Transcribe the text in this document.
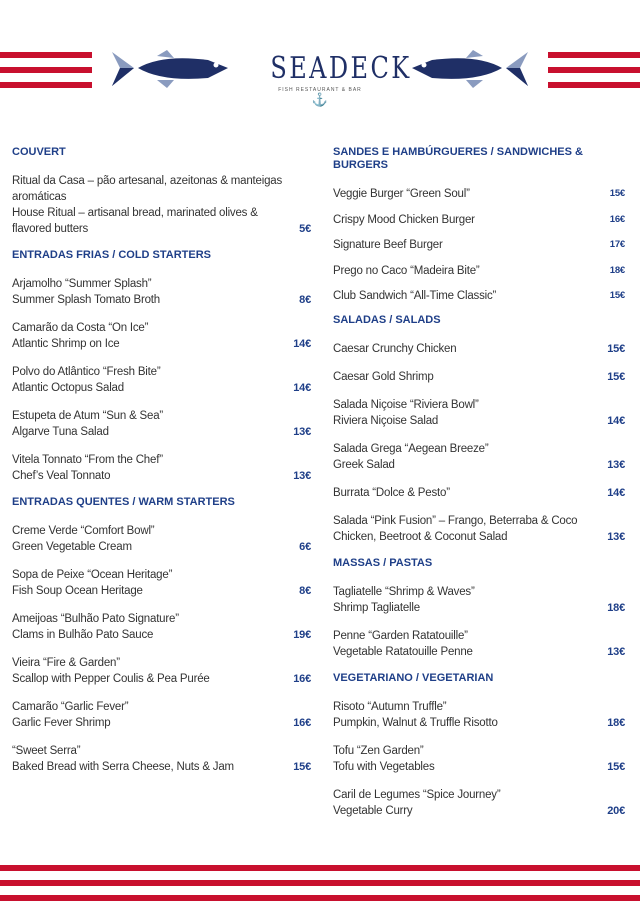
SEADECK
FISH RESTAURANT & BAR
⚓
COUVERT
Ritual da Casa – pão artesanal, azeitonas & manteigas aromáticas
House Ritual – artisanal bread, marinated olives & flavored butters	5€
ENTRADAS FRIAS / COLD STARTERS
Arjamolho “Summer Splash”
Summer Splash Tomato Broth	8€
Camarão da Costa “On Ice”
Atlantic Shrimp on Ice	14€
Polvo do Atlântico “Fresh Bite”
Atlantic Octopus Salad	14€
Estupeta de Atum “Sun & Sea”
Algarve Tuna Salad	13€
Vitela Tonnato “From the Chef”
Chef’s Veal Tonnato	13€
ENTRADAS QUENTES / WARM STARTERS
Creme Verde “Comfort Bowl”
Green Vegetable Cream	6€
Sopa de Peixe “Ocean Heritage”
Fish Soup Ocean Heritage	8€
Ameijoas “Bulhão Pato Signature”
Clams in Bulhão Pato Sauce	19€
Vieira “Fire & Garden”
Scallop with Pepper Coulis & Pea Purée	16€
Camarão “Garlic Fever”
Garlic Fever Shrimp	16€
“Sweet Serra”
Baked Bread with Serra Cheese, Nuts & Jam	15€
SANDES E HAMBÚRGUERES / SANDWICHES & BURGERS
Veggie Burger “Green Soul”	15€
Crispy Mood Chicken Burger	16€
Signature Beef Burger	17€
Prego no Caco “Madeira Bite”	18€
Club Sandwich “All-Time Classic”	15€
SALADAS / SALADS
Caesar Crunchy Chicken	15€
Caesar Gold Shrimp	15€
Salada Niçoise “Riviera Bowl”
Riviera Niçoise Salad	14€
Salada Grega “Aegean Breeze”
Greek Salad	13€
Burrata “Dolce & Pesto”	14€
Salada “Pink Fusion” – Frango, Beterraba & Coco
Chicken, Beetroot & Coconut Salad	13€
MASSAS / PASTAS
Tagliatelle “Shrimp & Waves”
Shrimp Tagliatelle	18€
Penne “Garden Ratatouille”
Vegetable Ratatouille Penne	13€
VEGETARIANO / VEGETARIAN
Risoto “Autumn Truffle”
Pumpkin, Walnut & Truffle Risotto	18€
Tofu “Zen Garden”
Tofu with Vegetables	15€
Caril de Legumes “Spice Journey”
Vegetable Curry	20€
